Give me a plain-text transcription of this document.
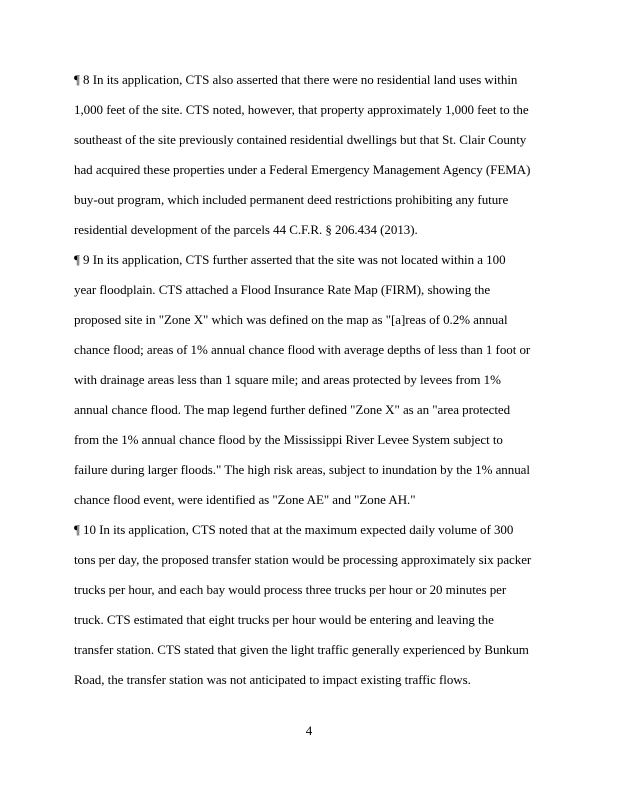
¶ 8 In its application, CTS also asserted that there were no residential land uses within
1,000 feet of the site. CTS noted, however, that property approximately 1,000 feet to the
southeast of the site previously contained residential dwellings but that St. Clair County
had acquired these properties under a Federal Emergency Management Agency (FEMA)
buy-out program, which included permanent deed restrictions prohibiting any future
residential development of the parcels 44 C.F.R. § 206.434 (2013).
¶ 9 In its application, CTS further asserted that the site was not located within a 100
year floodplain. CTS attached a Flood Insurance Rate Map (FIRM), showing the
proposed site in "Zone X" which was defined on the map as "[a]reas of 0.2% annual
chance flood; areas of 1% annual chance flood with average depths of less than 1 foot or
with drainage areas less than 1 square mile; and areas protected by levees from 1%
annual chance flood. The map legend further defined "Zone X" as an "area protected
from the 1% annual chance flood by the Mississippi River Levee System subject to
failure during larger floods." The high risk areas, subject to inundation by the 1% annual
chance flood event, were identified as "Zone AE" and "Zone AH."
¶ 10 In its application, CTS noted that at the maximum expected daily volume of 300
tons per day, the proposed transfer station would be processing approximately six packer
trucks per hour, and each bay would process three trucks per hour or 20 minutes per
truck. CTS estimated that eight trucks per hour would be entering and leaving the
transfer station. CTS stated that given the light traffic generally experienced by Bunkum
Road, the transfer station was not anticipated to impact existing traffic flows.
4
